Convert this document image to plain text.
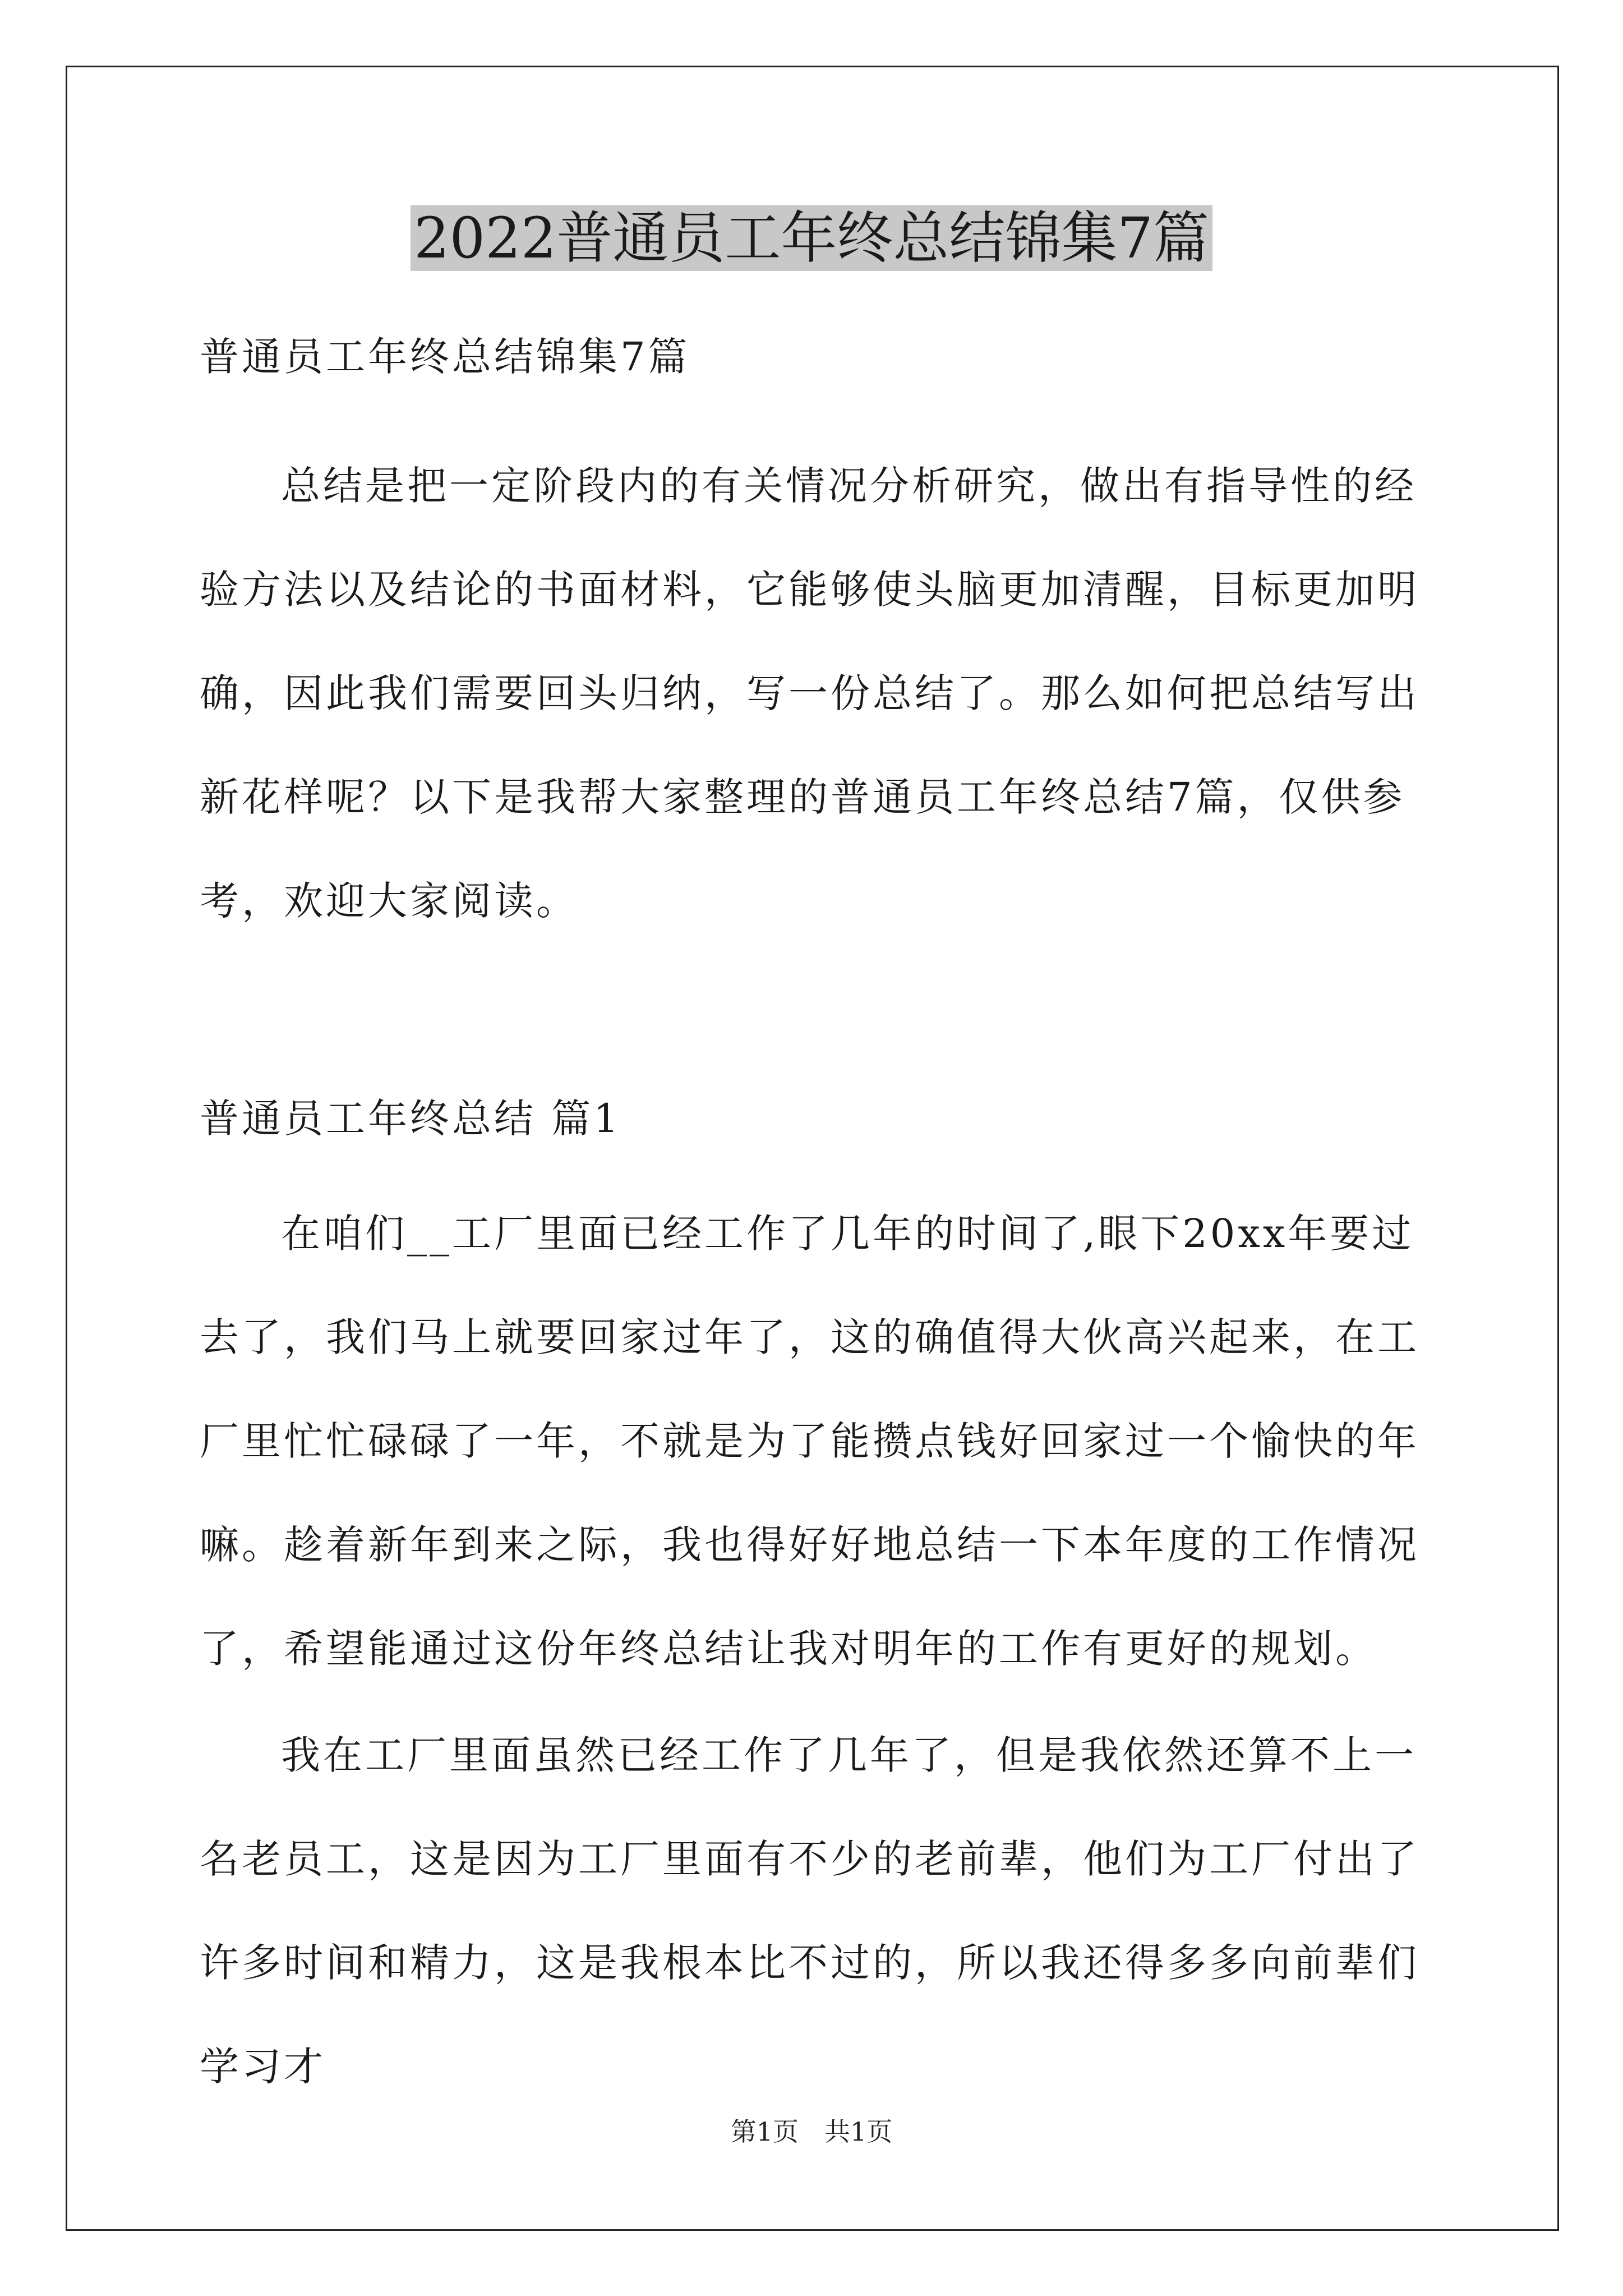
2022普通员工年终总结锦集7篇
普通员工年终总结锦集7篇
总结是把一定阶段内的有关情况分析研究，做出有指导性的经验方法以及结论的书面材料，它能够使头脑更加清醒，目标更加明确，因此我们需要回头归纳，写一份总结了。那么如何把总结写出新花样呢？以下是我帮大家整理的普通员工年终总结7篇，仅供参考，欢迎大家阅读。
普通员工年终总结 篇1
在咱们__工厂里面已经工作了几年的时间了,眼下20xx年要过去了，我们马上就要回家过年了，这的确值得大伙高兴起来，在工厂里忙忙碌碌了一年，不就是为了能攒点钱好回家过一个愉快的年嘛。趁着新年到来之际，我也得好好地总结一下本年度的工作情况了，希望能通过这份年终总结让我对明年的工作有更好的规划。
我在工厂里面虽然已经工作了几年了，但是我依然还算不上一名老员工，这是因为工厂里面有不少的老前辈，他们为工厂付出了许多时间和精力，这是我根本比不过的，所以我还得多多向前辈们学习才
第1页　共1页
